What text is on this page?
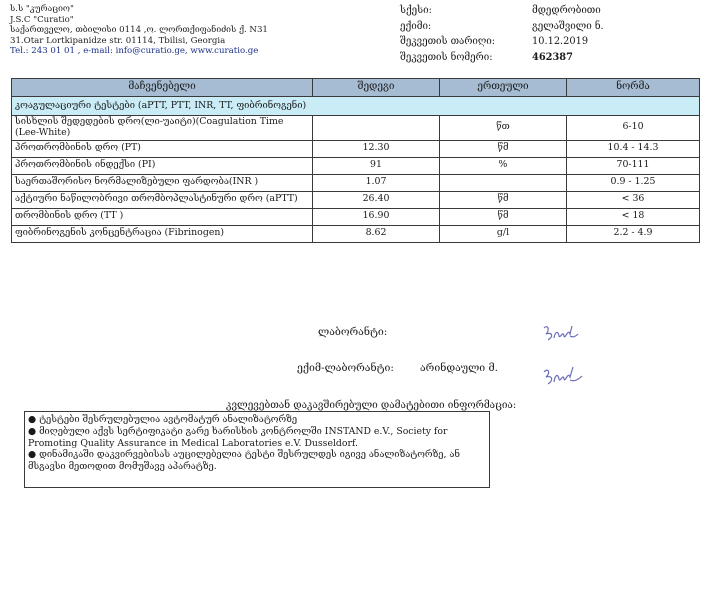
ს.ს "კურაციო"
J.S.C "Curatio"
საქართველო, თბილისი 0114 ,ო. ლორთქიფანიძის ქ. N31
31.Otar Lortkipanidze str. 01114, Tbilisi, Georgia
Tel.: 243 01 01 , e-mail: info@curatio.ge, www.curatio.ge
სქესი:	მდედრობითი
ექიმი:	გელაშვილი ნ.
შეკვეთის თარიღი:	10.12.2019
შეკვეთის ნომერი:	462387
მაჩვენებელი	შედეგი	ერთეული	ნორმა
კოაგულაციური ტესტები (aPTT, PTT, INR, TT, ფიბრინოგენი)			
სისხლის შედედების დრო(ლი-უაიტი)(Coagulation Time (Lee-White)		წთ	6-10
პროთრომბინის დრო (PT)	12.30	წმ	10.4 - 14.3
პროთრომბინის ინდექსი (PI)	91	%	70-111
საერთაშორისო ნორმალიზებული ფარდობა(INR )	1.07		0.9 - 1.25
აქტიური ნაწილობრივი თრომბოპლასტინური დრო (aPTT)	26.40	წმ	< 36
თრომბინის დრო (TT )	16.90	წმ	< 18
ფიბრინოგენის კონცენტრაცია (Fibrinogen)	8.62	g/l	2.2 - 4.9
ლაბორანტი:
ექიმ-ლაბორანტი: არინდაული მ.
კვლევებთან დაკავშირებული დამატებითი ინფორმაცია:

● ტესტები შესრულებულია ავტომატურ ანალიზატორზე

● მიღებული აქვს სერტიფიკატი გარე ხარისხის კონტროლში INSTAND e.V., Society for Promoting Quality Assurance in Medical Laboratories e.V. Dusseldorf.

● დინამიკაში დაკვირვებისას აუცილებელია ტესტი შესრულდეს იგივე ანალიზატორზე, ან მსგავსი მეთოდით მომუშავე აპარატზე.
